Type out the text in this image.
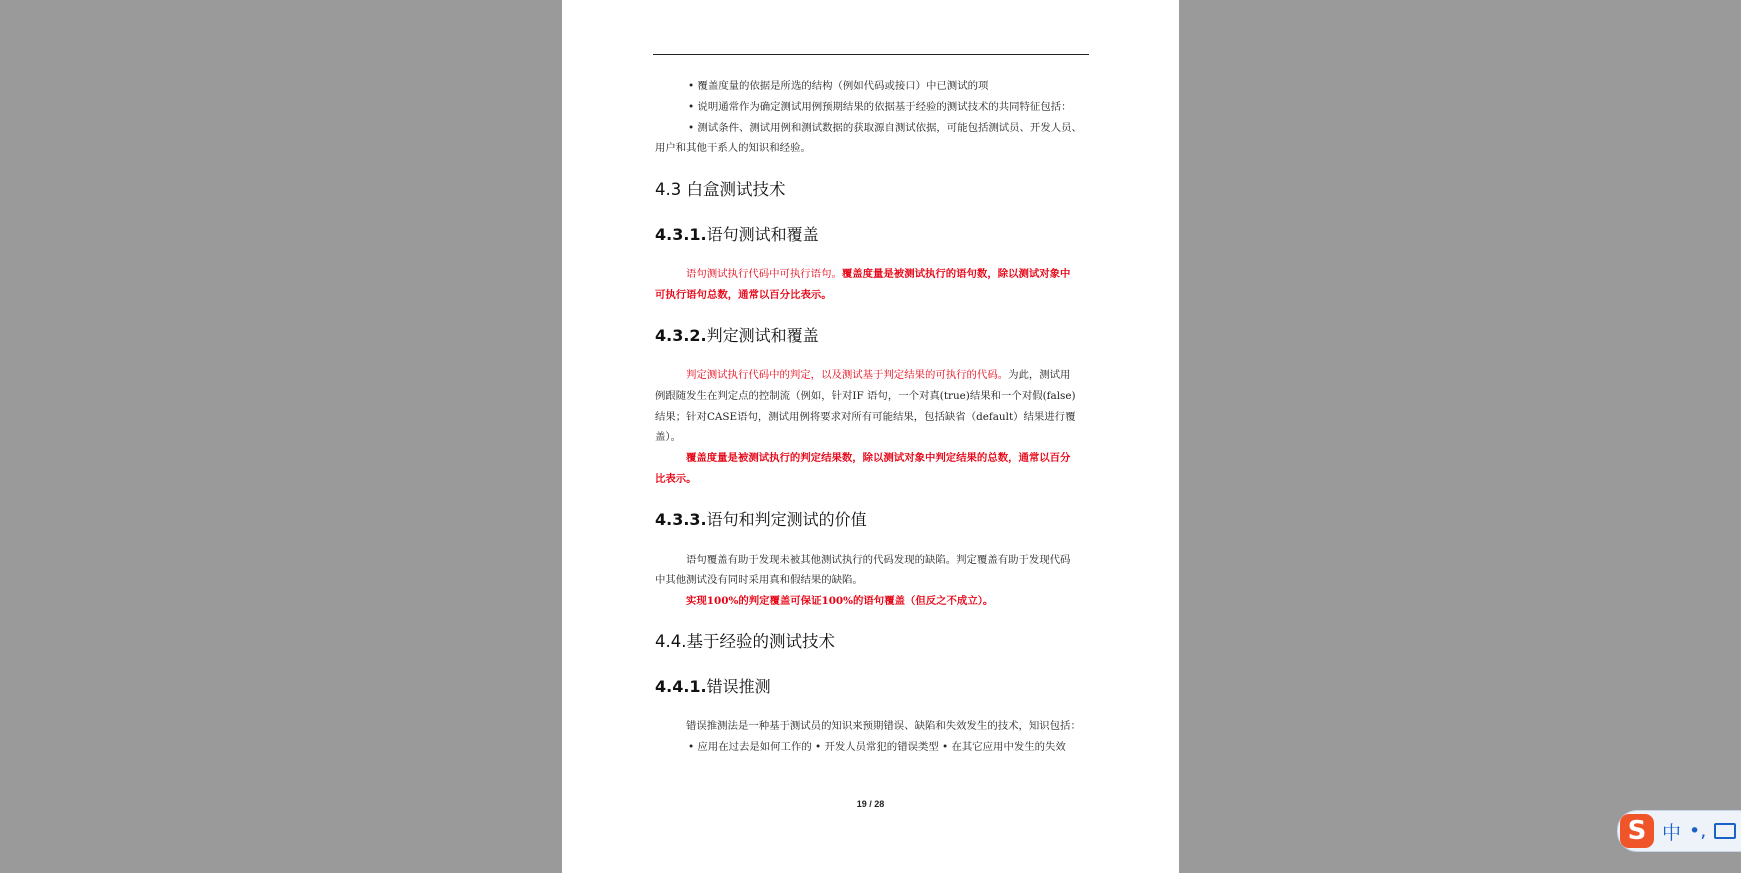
• 覆盖度量的依据是所选的结构（例如代码或接口）中已测试的项
• 说明通常作为确定测试用例预期结果的依据基于经验的测试技术的共同特征包括：
• 测试条件、测试用例和测试数据的获取源自测试依据，可能包括测试员、开发人员、
用户和其他干系人的知识和经验。
4.3 白盒测试技术
4.3.1.语句测试和覆盖
语句测试执行代码中可执行语句。覆盖度量是被测试执行的语句数，除以测试对象中
可执行语句总数，通常以百分比表示。
4.3.2.判定测试和覆盖
判定测试执行代码中的判定，以及测试基于判定结果的可执行的代码。为此，测试用
例跟随发生在判定点的控制流（例如，针对IF 语句，一个对真(true)结果和一个对假(false)
结果；针对CASE语句，测试用例将要求对所有可能结果，包括缺省（default）结果进行覆
盖）。
覆盖度量是被测试执行的判定结果数，除以测试对象中判定结果的总数，通常以百分
比表示。
4.3.3.语句和判定测试的价值
语句覆盖有助于发现未被其他测试执行的代码发现的缺陷。判定覆盖有助于发现代码
中其他测试没有同时采用真和假结果的缺陷。
实现100%的判定覆盖可保证100%的语句覆盖（但反之不成立）。
4.4.基于经验的测试技术
4.4.1.错误推测
错误推测法是一种基于测试员的知识来预期错误、缺陷和失效发生的技术，知识包括：
• 应用在过去是如何工作的 • 开发人员常犯的错误类型 • 在其它应用中发生的失效
19 / 28
S 中 •,
